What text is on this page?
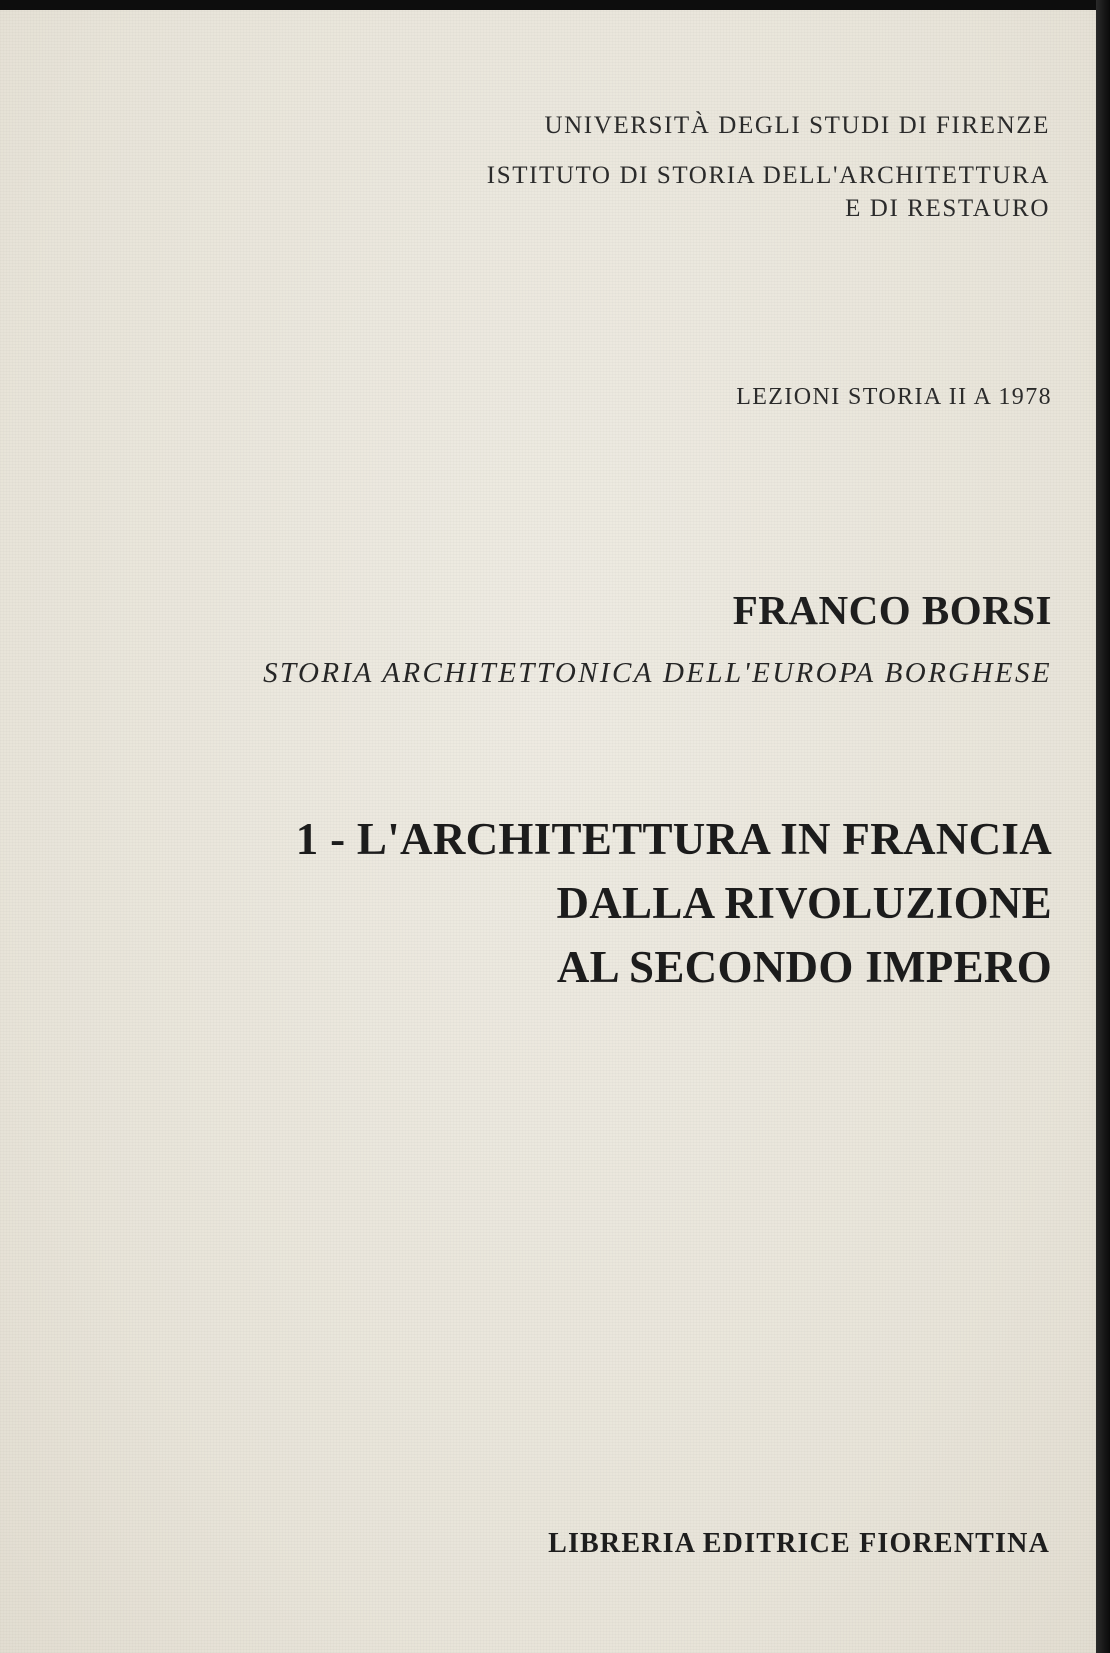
UNIVERSITÀ DEGLI STUDI DI FIRENZE
ISTITUTO DI STORIA DELL'ARCHITETTURA
E DI RESTAURO
LEZIONI STORIA II A 1978
FRANCO BORSI
STORIA ARCHITETTONICA DELL'EUROPA BORGHESE
1 - L'ARCHITETTURA IN FRANCIA
DALLA RIVOLUZIONE
AL SECONDO IMPERO
LIBRERIA EDITRICE FIORENTINA
